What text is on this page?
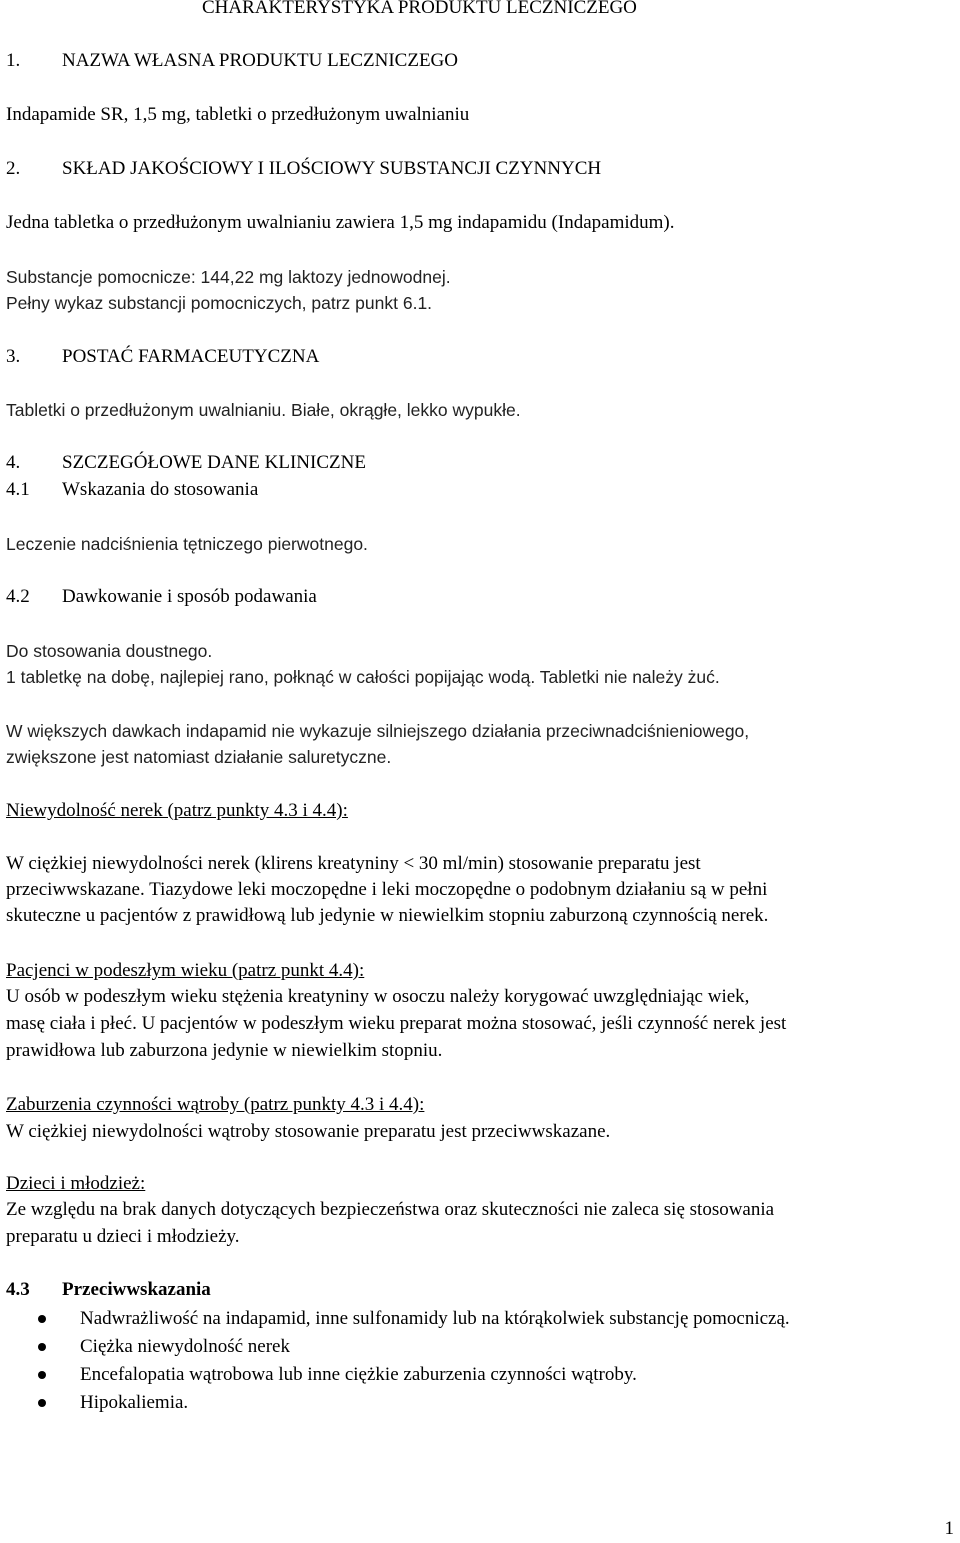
CHARAKTERYSTYKA PRODUKTU LECZNICZEGO
1. NAZWA WŁASNA PRODUKTU LECZNICZEGO
Indapamide SR, 1,5 mg, tabletki o przedłużonym uwalnianiu
2. SKŁAD JAKOŚCIOWY I ILOŚCIOWY SUBSTANCJI CZYNNYCH
Jedna tabletka o przedłużonym uwalnianiu zawiera 1,5 mg indapamidu (Indapamidum).
Substancje pomocnicze: 144,22 mg laktozy jednowodnej.
Pełny wykaz substancji pomocniczych, patrz punkt 6.1.
3. POSTAĆ FARMACEUTYCZNA
Tabletki o przedłużonym uwalnianiu. Białe, okrągłe, lekko wypukłe.
4. SZCZEGÓŁOWE DANE KLINICZNE
4.1 Wskazania do stosowania
Leczenie nadciśnienia tętniczego pierwotnego.
4.2 Dawkowanie i sposób podawania
Do stosowania doustnego.
1 tabletkę na dobę, najlepiej rano, połknąć w całości popijając wodą. Tabletki nie należy żuć.
W większych dawkach indapamid nie wykazuje silniejszego działania przeciwnadciśnieniowego,
zwiększone jest natomiast działanie saluretyczne.
Niewydolność nerek (patrz punkty 4.3 i 4.4):
W ciężkiej niewydolności nerek (klirens kreatyniny < 30 ml/min) stosowanie preparatu jest
przeciwwskazane. Tiazydowe leki moczopędne i leki moczopędne o podobnym działaniu są w pełni
skuteczne u pacjentów z prawidłową lub jedynie w niewielkim stopniu zaburzoną czynnością nerek.
Pacjenci w podeszłym wieku (patrz punkt 4.4):
U osób w podeszłym wieku stężenia kreatyniny w osoczu należy korygować uwzględniając wiek,
masę ciała i płeć. U pacjentów w podeszłym wieku preparat można stosować, jeśli czynność nerek jest
prawidłowa lub zaburzona jedynie w niewielkim stopniu.
Zaburzenia czynności wątroby (patrz punkty 4.3 i 4.4):
W ciężkiej niewydolności wątroby stosowanie preparatu jest przeciwwskazane.
Dzieci i młodzież:
Ze względu na brak danych dotyczących bezpieczeństwa oraz skuteczności nie zaleca się stosowania
preparatu u dzieci i młodzieży.
4.3 Przeciwwskazania
Nadwrażliwość na indapamid, inne sulfonamidy lub na którąkolwiek substancję pomocniczą.
Ciężka niewydolność nerek
Encefalopatia wątrobowa lub inne ciężkie zaburzenia czynności wątroby.
Hipokaliemia.
1
